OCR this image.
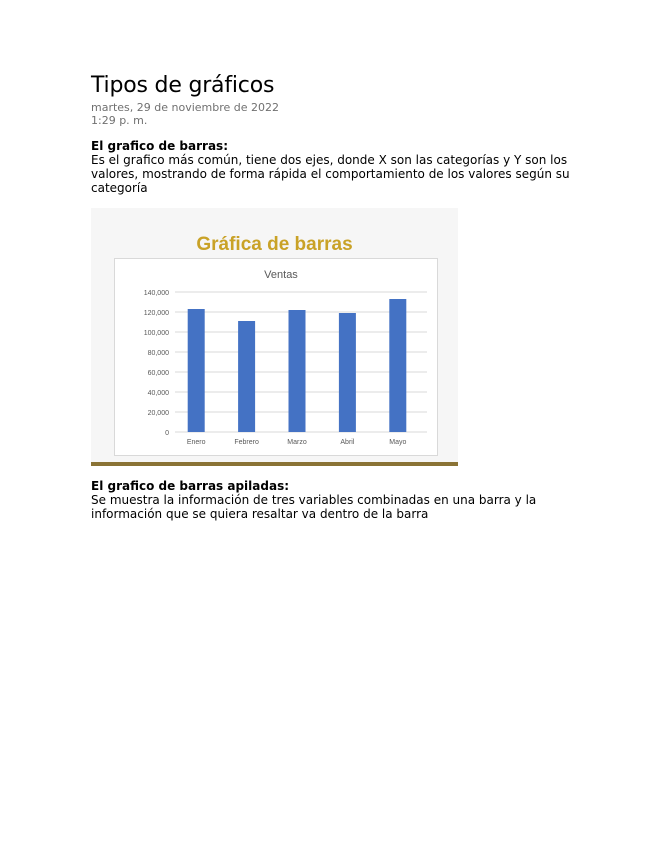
Tipos de gráficos
martes, 29 de noviembre de 2022
1:29 p. m.
El grafico de barras:
Es el grafico más común, tiene dos ejes, donde X son las categorías y Y son los valores, mostrando de forma rápida el comportamiento de los valores según su categoría
Gráfica de barras
Ventas
0
20,000
40,000
60,000
80,000
100,000
120,000
140,000
Enero	Febrero	Marzo	Abril	Mayo
El grafico de barras apiladas:
Se muestra la información de tres variables combinadas en una barra y la información que se quiera resaltar va dentro de la barra
